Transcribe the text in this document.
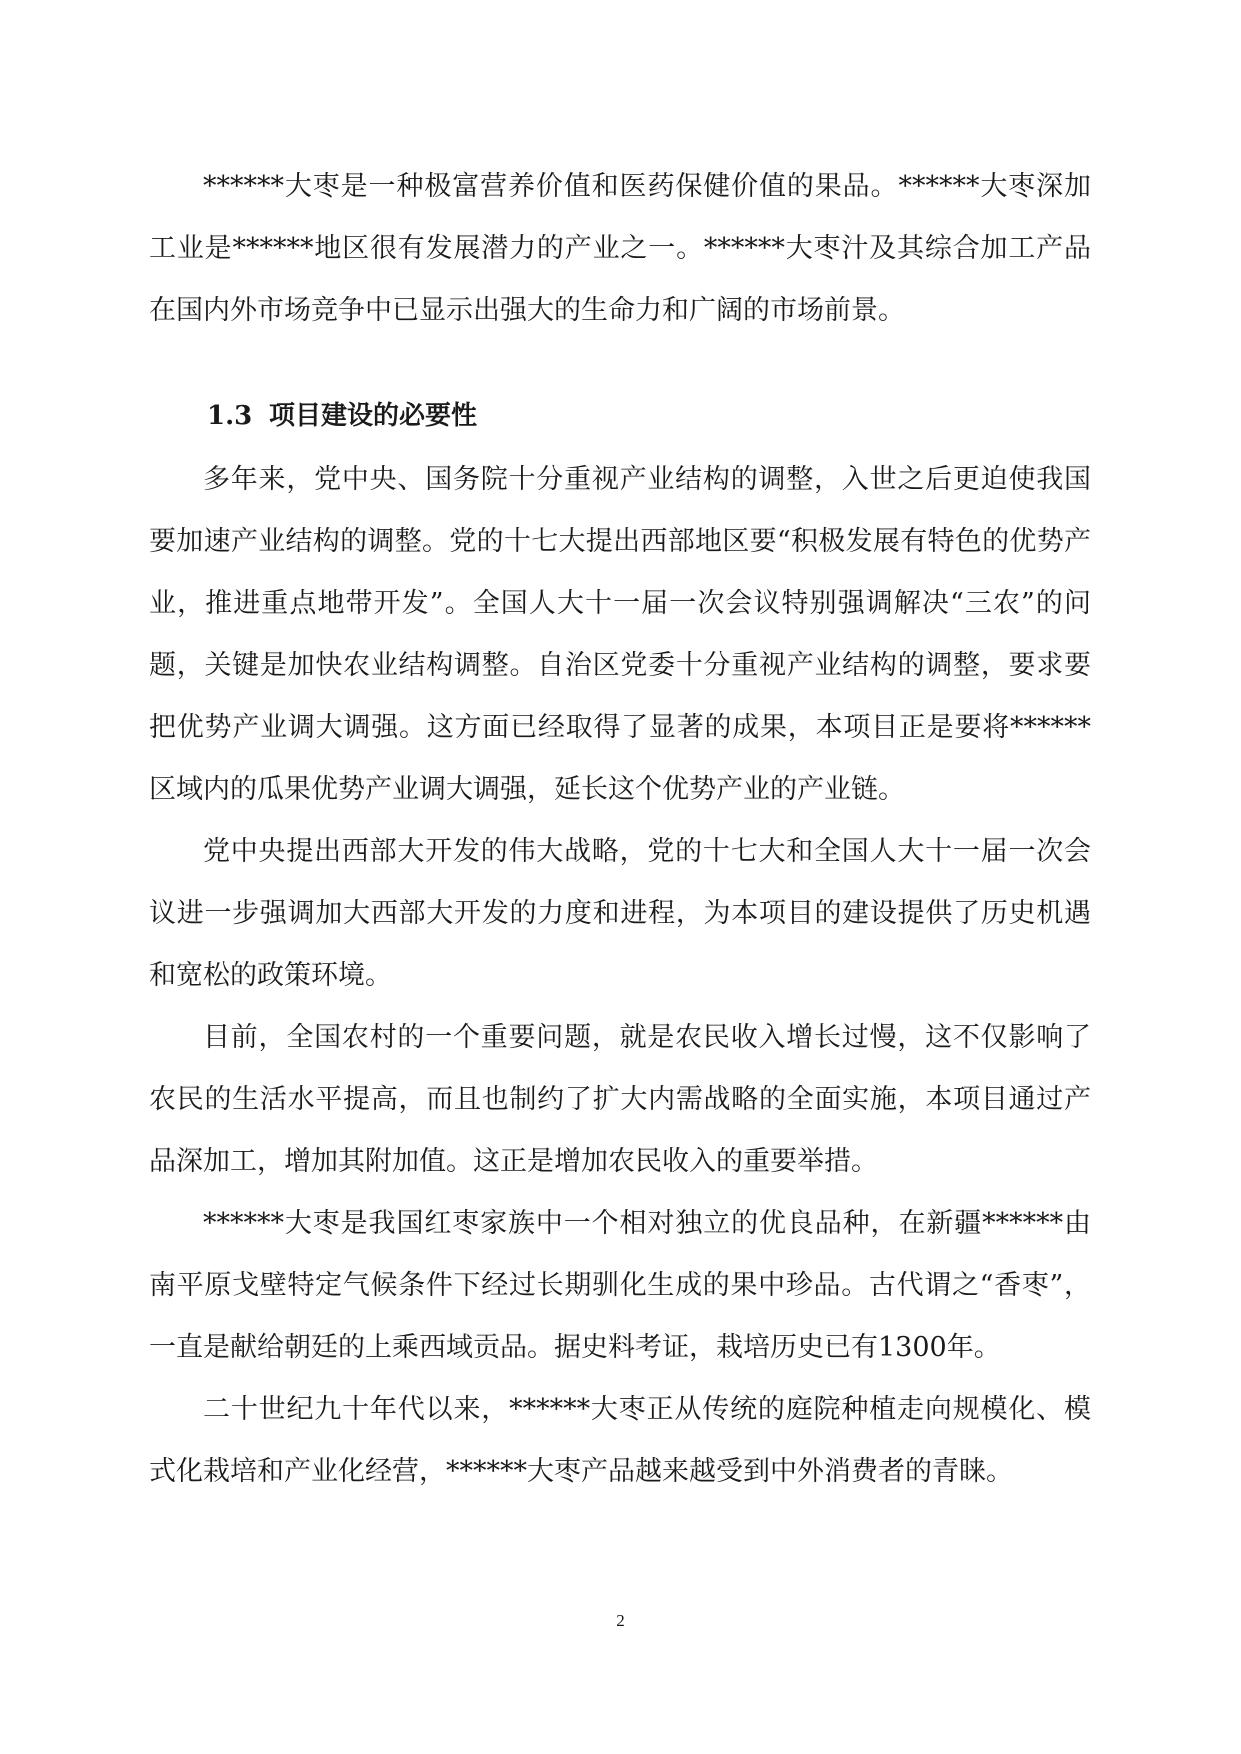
******大枣是一种极富营养价值和医药保健价值的果品。******大枣深加工业是******地区很有发展潜力的产业之一。******大枣汁及其综合加工产品在国内外市场竞争中已显示出强大的生命力和广阔的市场前景。

1.3 项目建设的必要性

多年来，党中央、国务院十分重视产业结构的调整，入世之后更迫使我国要加速产业结构的调整。党的十七大提出西部地区要“积极发展有特色的优势产业，推进重点地带开发”。全国人大十一届一次会议特别强调解决“三农”的问题，关键是加快农业结构调整。自治区党委十分重视产业结构的调整，要求要把优势产业调大调强。这方面已经取得了显著的成果，本项目正是要将******区域内的瓜果优势产业调大调强，延长这个优势产业的产业链。

党中央提出西部大开发的伟大战略，党的十七大和全国人大十一届一次会议进一步强调加大西部大开发的力度和进程，为本项目的建设提供了历史机遇和宽松的政策环境。

目前，全国农村的一个重要问题，就是农民收入增长过慢，这不仅影响了农民的生活水平提高，而且也制约了扩大内需战略的全面实施，本项目通过产品深加工，增加其附加值。这正是增加农民收入的重要举措。

******大枣是我国红枣家族中一个相对独立的优良品种，在新疆******由南平原戈壁特定气候条件下经过长期驯化生成的果中珍品。古代谓之“香枣”，一直是献给朝廷的上乘西域贡品。据史料考证，栽培历史已有1300年。

二十世纪九十年代以来，******大枣正从传统的庭院种植走向规模化、模式化栽培和产业化经营，******大枣产品越来越受到中外消费者的青睐。

2
